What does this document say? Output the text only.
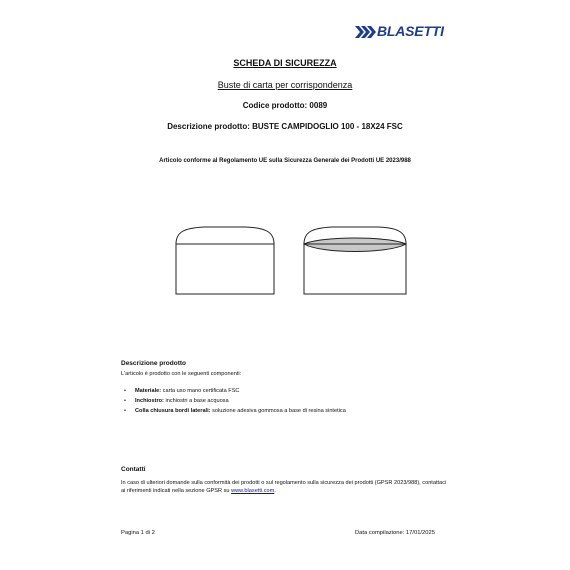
BLASETTI
SCHEDA DI SICUREZZA
Buste di carta per corrispondenza
Codice prodotto: 0089
Descrizione prodotto: BUSTE CAMPIDOGLIO 100 - 18X24 FSC
Articolo conforme al Regolamento UE sulla Sicurezza Generale dei Prodotti UE 2023/988
Descrizione prodotto
L'articolo è prodotto con le seguenti componenti:
• Materiale: carta uso mano certificata FSC
• Inchiostro: inchiostri a base acquosa
• Colla chiusura bordi laterali: soluzione adesiva gommosa a base di resina sintetica
Contatti
In caso di ulteriori domande sulla conformità dei prodotti o sul regolamento sulla sicurezza dei prodotti (GPSR 2023/988), contattaci ai riferimenti indicati nella sezione GPSR su www.blasetti.com.
Pagina 1 di 2	Data compilazione: 17/01/2025
